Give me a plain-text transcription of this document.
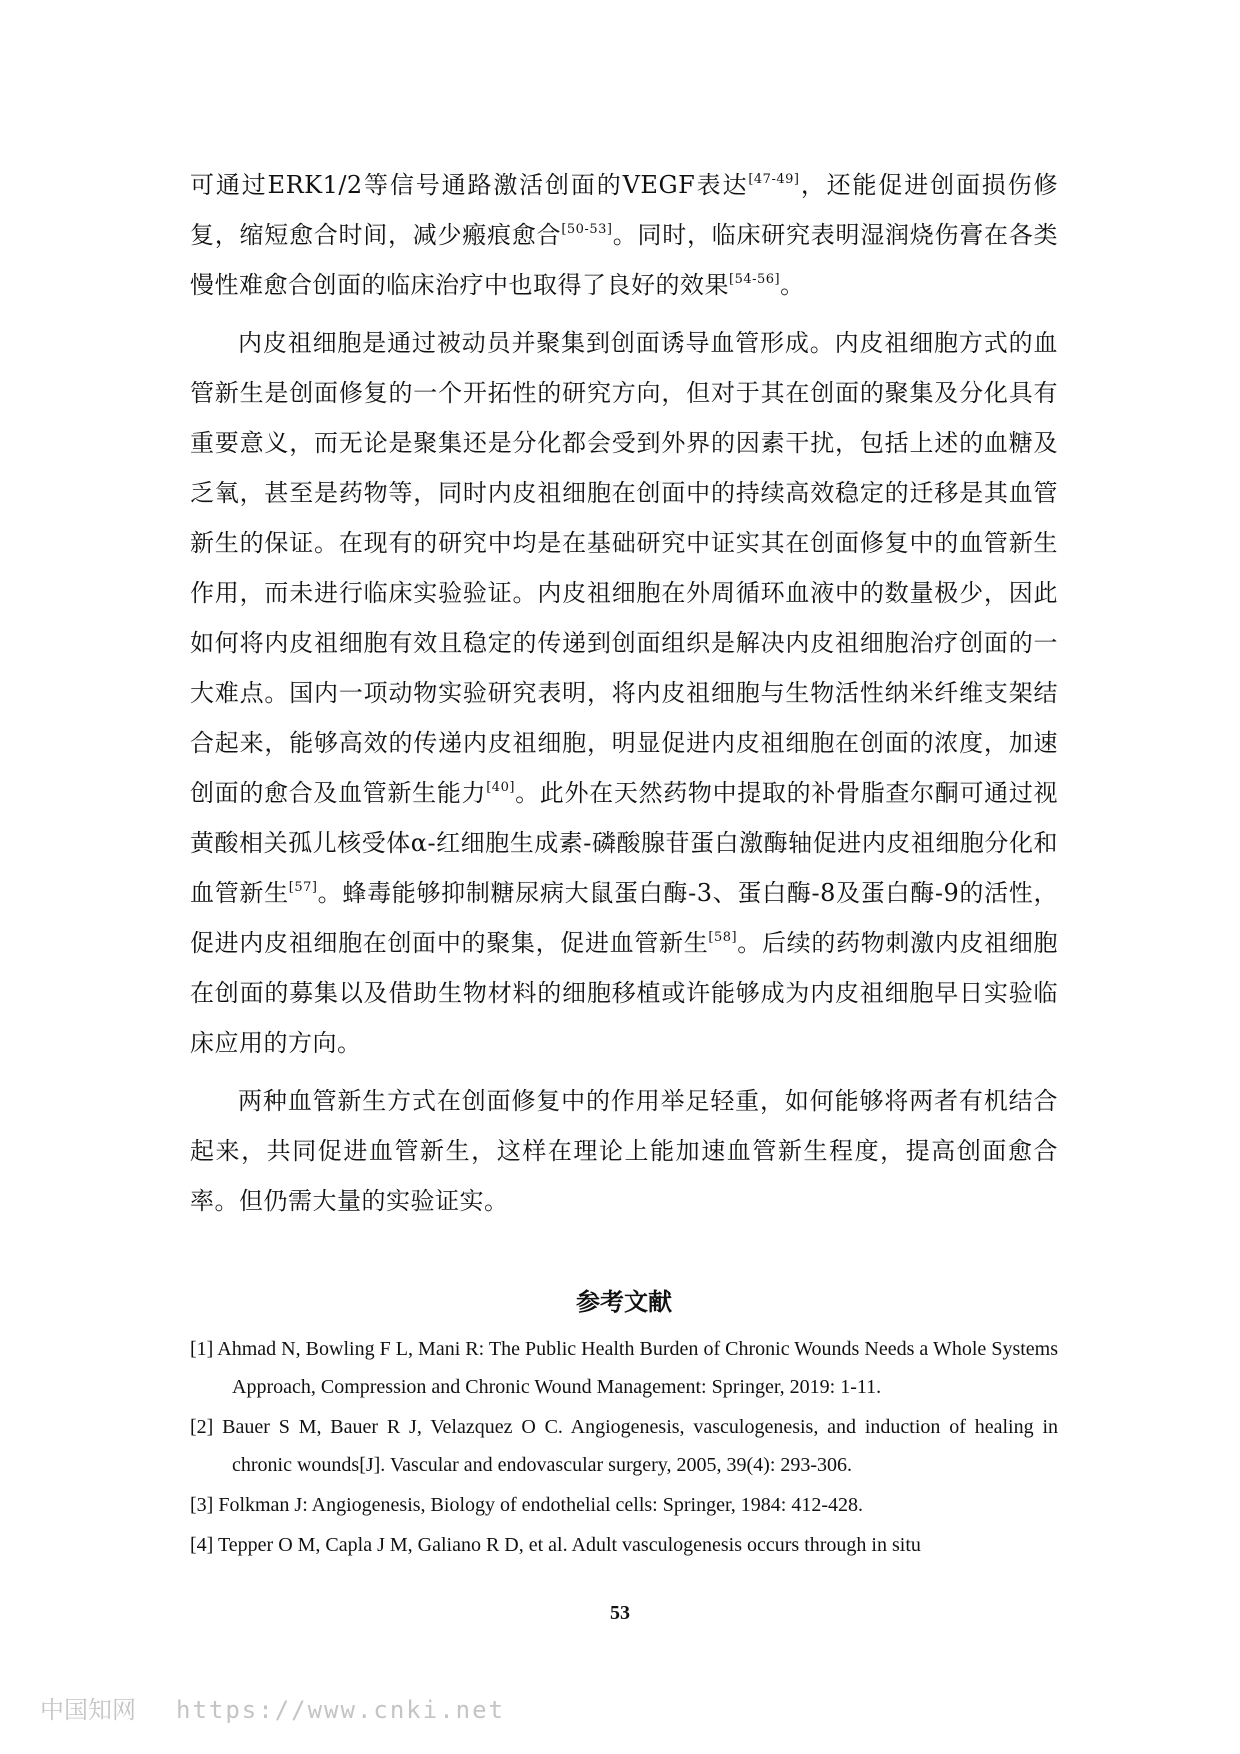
可通过ERK1/2等信号通路激活创面的VEGF表达[47-49]，还能促进创面损伤修复，缩短愈合时间，减少瘢痕愈合[50-53]。同时，临床研究表明湿润烧伤膏在各类慢性难愈合创面的临床治疗中也取得了良好的效果[54-56]。

内皮祖细胞是通过被动员并聚集到创面诱导血管形成。内皮祖细胞方式的血管新生是创面修复的一个开拓性的研究方向，但对于其在创面的聚集及分化具有重要意义，而无论是聚集还是分化都会受到外界的因素干扰，包括上述的血糖及乏氧，甚至是药物等，同时内皮祖细胞在创面中的持续高效稳定的迁移是其血管新生的保证。在现有的研究中均是在基础研究中证实其在创面修复中的血管新生作用，而未进行临床实验验证。内皮祖细胞在外周循环血液中的数量极少，因此如何将内皮祖细胞有效且稳定的传递到创面组织是解决内皮祖细胞治疗创面的一大难点。国内一项动物实验研究表明，将内皮祖细胞与生物活性纳米纤维支架结合起来，能够高效的传递内皮祖细胞，明显促进内皮祖细胞在创面的浓度，加速创面的愈合及血管新生能力[40]。此外在天然药物中提取的补骨脂查尔酮可通过视黄酸相关孤儿核受体α-红细胞生成素-磷酸腺苷蛋白激酶轴促进内皮祖细胞分化和血管新生[57]。蜂毒能够抑制糖尿病大鼠蛋白酶-3、蛋白酶-8及蛋白酶-9的活性，促进内皮祖细胞在创面中的聚集，促进血管新生[58]。后续的药物刺激内皮祖细胞在创面的募集以及借助生物材料的细胞移植或许能够成为内皮祖细胞早日实验临床应用的方向。

两种血管新生方式在创面修复中的作用举足轻重，如何能够将两者有机结合起来，共同促进血管新生，这样在理论上能加速血管新生程度，提高创面愈合率。但仍需大量的实验证实。

参考文献
[1] Ahmad N, Bowling F L, Mani R: The Public Health Burden of Chronic Wounds Needs a Whole Systems Approach, Compression and Chronic Wound Management: Springer, 2019: 1-11.
[2] Bauer S M, Bauer R J, Velazquez O C. Angiogenesis, vasculogenesis, and induction of healing in chronic wounds[J]. Vascular and endovascular surgery, 2005, 39(4): 293-306.
[3] Folkman J: Angiogenesis, Biology of endothelial cells: Springer, 1984: 412-428.
[4] Tepper O M, Capla J M, Galiano R D, et al. Adult vasculogenesis occurs through in situ
53
中国知网 https://www.cnki.net
